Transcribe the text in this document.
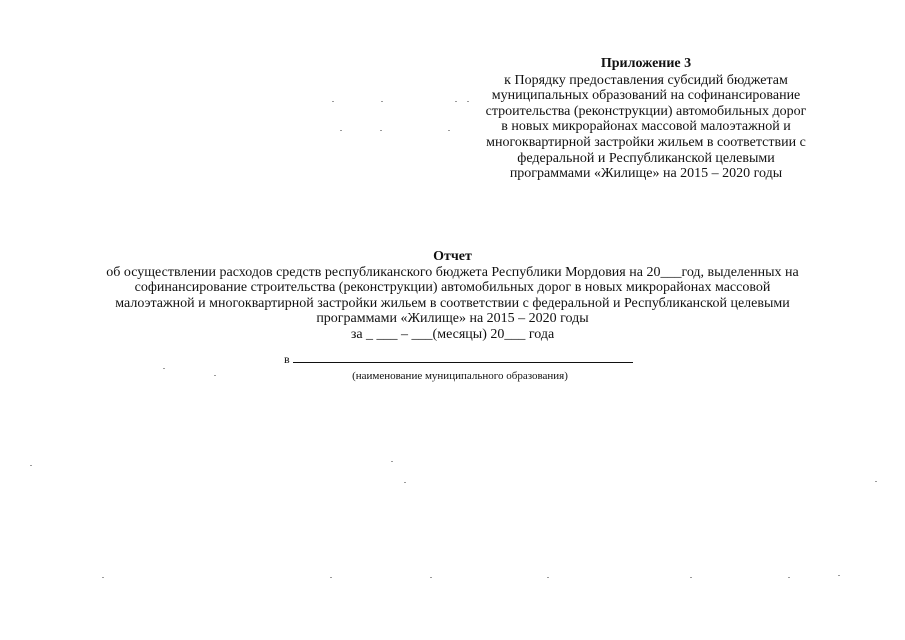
Приложение 3
к Порядку предоставления субсидий бюджетам
муниципальных образований на софинансирование
строительства (реконструкции) автомобильных дорог
в новых микрорайонах массовой малоэтажной и
многоквартирной застройки жильем в соответствии с
федеральной и Республиканской целевыми
программами «Жилище» на 2015 – 2020 годы
Отчет
об осуществлении расходов средств республиканского бюджета Республики Мордовия на 20___год, выделенных на
софинансирование строительства (реконструкции) автомобильных дорог в новых микрорайонах массовой
малоэтажной и многоквартирной застройки жильем в соответствии с федеральной и Республиканской целевыми
программами «Жилище» на 2015 – 2020 годы
за _ ___ – ___(месяцы) 20___ года
в
(наименование муниципального образования)
